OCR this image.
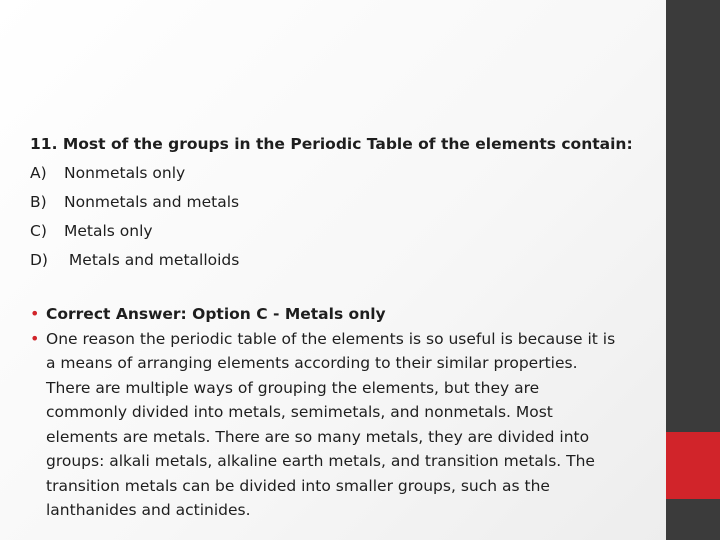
11. Most of the groups in the Periodic Table of the elements contain:
A) Nonmetals only
B) Nonmetals and metals
C) Metals only
D) Metals and metalloids
• Correct Answer: Option C - Metals only
• One reason the periodic table of the elements is so useful is because it is
a means of arranging elements according to their similar properties.
There are multiple ways of grouping the elements, but they are
commonly divided into metals, semimetals, and nonmetals. Most
elements are metals. There are so many metals, they are divided into
groups: alkali metals, alkaline earth metals, and transition metals. The
transition metals can be divided into smaller groups, such as the
lanthanides and actinides.
